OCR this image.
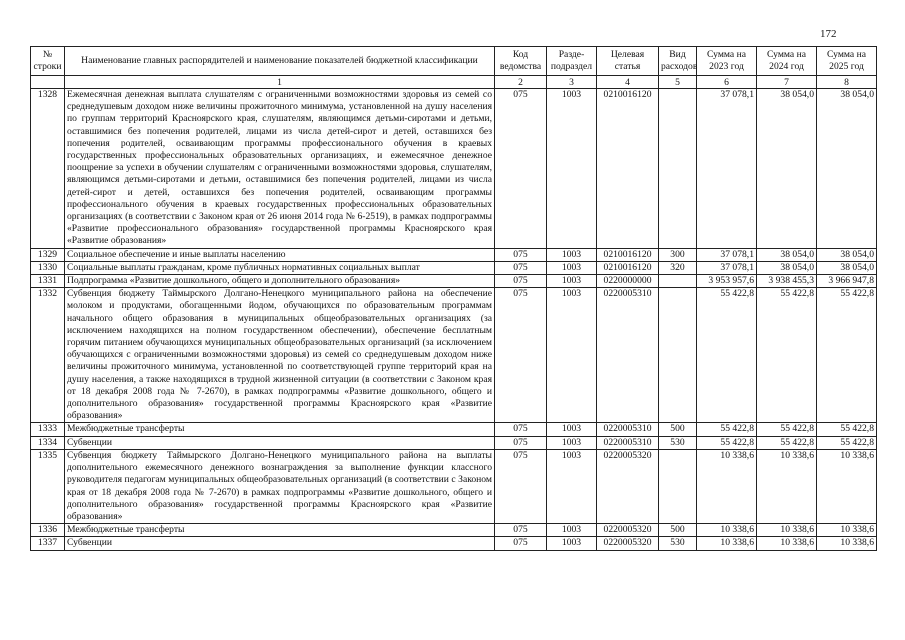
172
№ строки	Наименование главных распорядителей и наименование показателей бюджетной классификации	Код ведомства	Разде-подраздел	Целевая статья	Вид расходов	Сумма на 2023 год	Сумма на 2024 год	Сумма на 2025 год
	1	2	3	4	5	6	7	8
1328	Ежемесячная денежная выплата слушателям с ограниченными возможностями здоровья из семей со среднедушевым доходом ниже величины прожиточного минимума, установленной на душу населения по группам территорий Красноярского края, слушателям, являющимся детьми-сиротами и детьми, оставшимися без попечения родителей, лицами из числа детей-сирот и детей, оставшихся без попечения родителей, осваивающим программы профессионального обучения в краевых государственных профессиональных образовательных организациях, и ежемесячное денежное поощрение за успехи в обучении слушателям с ограниченными возможностями здоровья, слушателям, являющимся детьми-сиротами и детьми, оставшимися без попечения родителей, лицами из числа детей-сирот и детей, оставшихся без попечения родителей, осваивающим программы профессионального обучения в краевых государственных профессиональных образовательных организациях (в соответствии с Законом края от 26 июня 2014 года № 6-2519), в рамках подпрограммы «Развитие профессионального образования» государственной программы Красноярского края «Развитие образования»	075	1003	0210016120		37 078,1	38 054,0	38 054,0
1329	Социальное обеспечение и иные выплаты населению	075	1003	0210016120	300	37 078,1	38 054,0	38 054,0
1330	Социальные выплаты гражданам, кроме публичных нормативных социальных выплат	075	1003	0210016120	320	37 078,1	38 054,0	38 054,0
1331	Подпрограмма «Развитие дошкольного, общего и дополнительного образования»	075	1003	0220000000		3 953 957,6	3 938 455,3	3 966 947,8
1332	Субвенция бюджету Таймырского Долгано-Ненецкого муниципального района на обеспечение молоком и продуктами, обогащенными йодом, обучающихся по образовательным программам начального общего образования в муниципальных общеобразовательных организациях (за исключением находящихся на полном государственном обеспечении), обеспечение бесплатным горячим питанием обучающихся муниципальных общеобразовательных организаций (за исключением обучающихся с ограниченными возможностями здоровья) из семей со среднедушевым доходом ниже величины прожиточного минимума, установленной по соответствующей группе территорий края на душу населения, а также находящихся в трудной жизненной ситуации (в соответствии с Законом края от 18 декабря 2008 года № 7-2670), в рамках подпрограммы «Развитие дошкольного, общего и дополнительного образования» государственной программы Красноярского края «Развитие образования»	075	1003	0220005310		55 422,8	55 422,8	55 422,8
1333	Межбюджетные трансферты	075	1003	0220005310	500	55 422,8	55 422,8	55 422,8
1334	Субвенции	075	1003	0220005310	530	55 422,8	55 422,8	55 422,8
1335	Субвенция бюджету Таймырского Долгано-Ненецкого муниципального района на выплаты дополнительного ежемесячного денежного вознаграждения за выполнение функции классного руководителя педагогам муниципальных общеобразовательных организаций (в соответствии с Законом края от 18 декабря 2008 года № 7-2670) в рамках подпрограммы «Развитие дошкольного, общего и дополнительного образования» государственной программы Красноярского края «Развитие образования»	075	1003	0220005320		10 338,6	10 338,6	10 338,6
1336	Межбюджетные трансферты	075	1003	0220005320	500	10 338,6	10 338,6	10 338,6
1337	Субвенции	075	1003	0220005320	530	10 338,6	10 338,6	10 338,6
